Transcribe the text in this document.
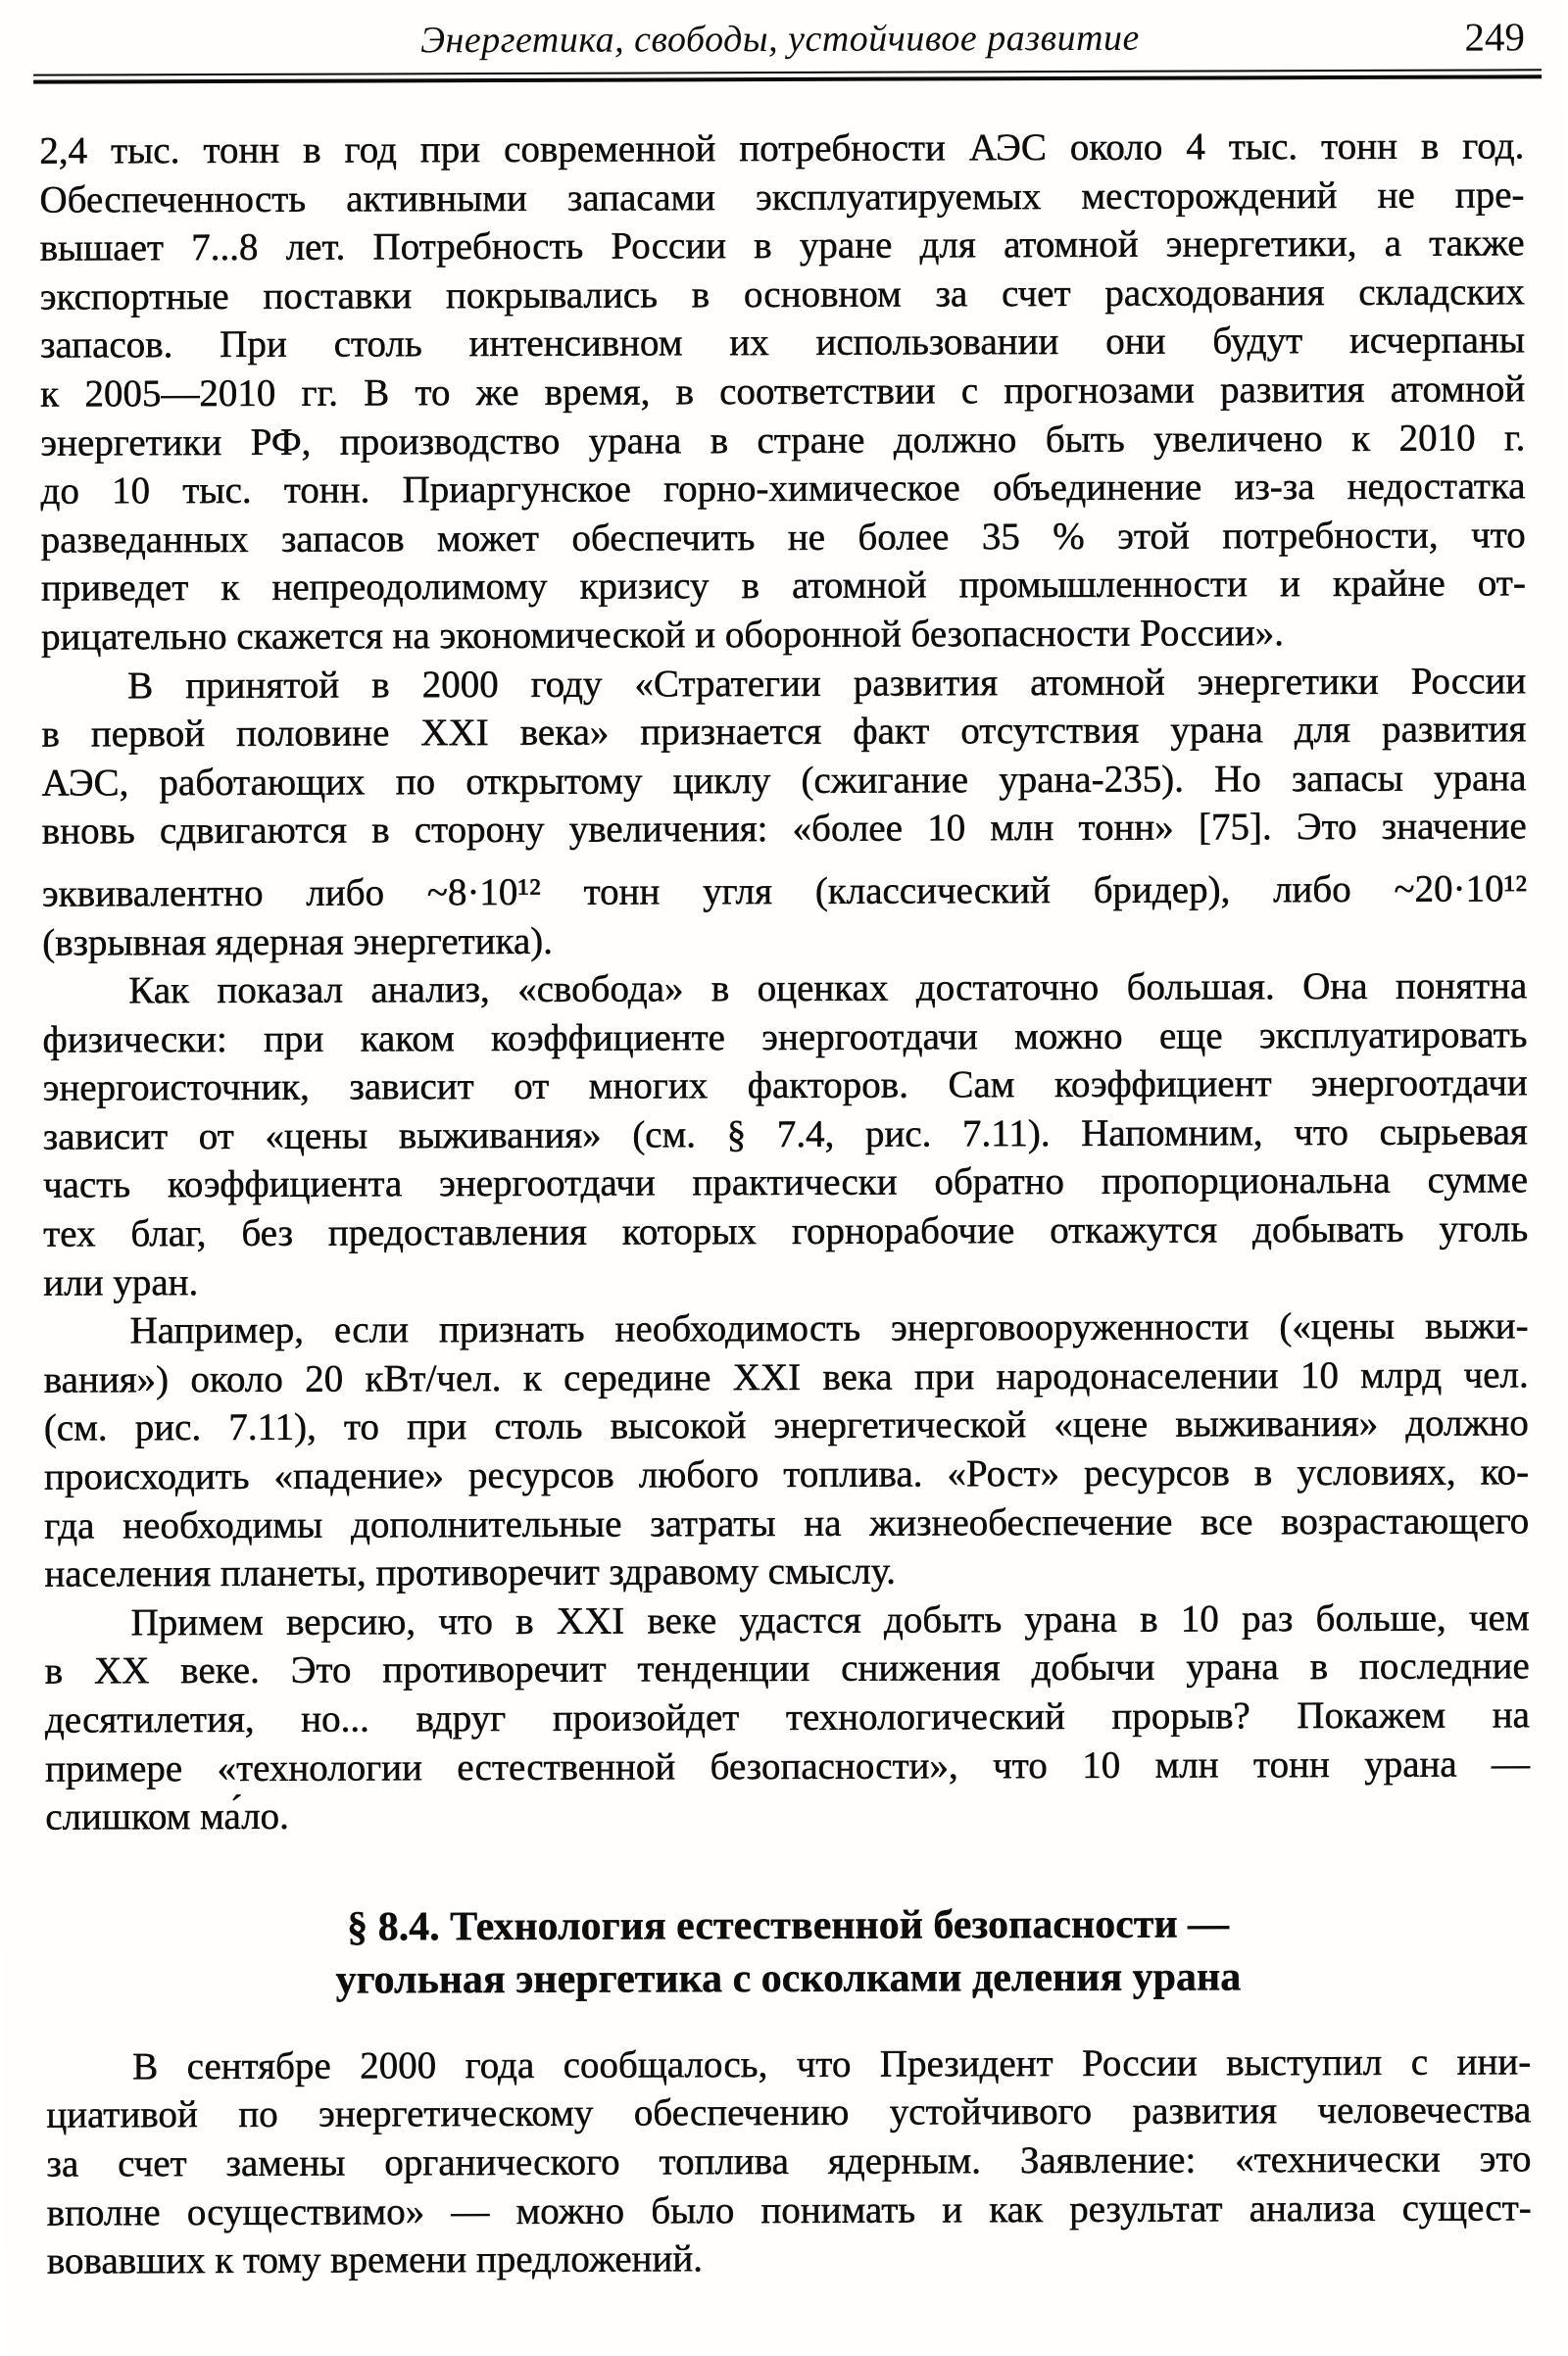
Энергетика, свободы, устойчивое развитие	249
2,4 тыс. тонн в год при современной потребности АЭС около 4 тыс. тонн в год.
Обеспеченность активными запасами эксплуатируемых месторождений не пре-
вышает 7...8 лет. Потребность России в уране для атомной энергетики, а также
экспортные поставки покрывались в основном за счет расходования складских
запасов. При столь интенсивном их использовании они будут исчерпаны
к 2005—2010 гг. В то же время, в соответствии с прогнозами развития атомной
энергетики РФ, производство урана в стране должно быть увеличено к 2010 г.
до 10 тыс. тонн. Приаргунское горно-химическое объединение из-за недостатка
разведанных запасов может обеспечить не более 35 % этой потребности, что
приведет к непреодолимому кризису в атомной промышленности и крайне от-
рицательно скажется на экономической и оборонной безопасности России».
В принятой в 2000 году «Стратегии развития атомной энергетики России
в первой половине XXI века» признается факт отсутствия урана для развития
АЭС, работающих по открытому циклу (сжигание урана-235). Но запасы урана
вновь сдвигаются в сторону увеличения: «более 10 млн тонн» [75]. Это значение
эквивалентно либо ~8·10¹² тонн угля (классический бридер), либо ~20·10¹²
(взрывная ядерная энергетика).
Как показал анализ, «свобода» в оценках достаточно большая. Она понятна
физически: при каком коэффициенте энергоотдачи можно еще эксплуатировать
энергоисточник, зависит от многих факторов. Сам коэффициент энергоотдачи
зависит от «цены выживания» (см. § 7.4, рис. 7.11). Напомним, что сырьевая
часть коэффициента энергоотдачи практически обратно пропорциональна сумме
тех благ, без предоставления которых горнорабочие откажутся добывать уголь
или уран.
Например, если признать необходимость энерговооруженности («цены выжи-
вания») около 20 кВт/чел. к середине XXI века при народонаселении 10 млрд чел.
(см. рис. 7.11), то при столь высокой энергетической «цене выживания» должно
происходить «падение» ресурсов любого топлива. «Рост» ресурсов в условиях, ко-
гда необходимы дополнительные затраты на жизнеобеспечение все возрастающего
населения планеты, противоречит здравому смыслу.
Примем версию, что в XXI веке удастся добыть урана в 10 раз больше, чем
в XX веке. Это противоречит тенденции снижения добычи урана в последние
десятилетия, но... вдруг произойдет технологический прорыв? Покажем на
примере «технологии естественной безопасности», что 10 млн тонн урана —
слишком ма́ло.
§ 8.4. Технология естественной безопасности —
угольная энергетика с осколками деления урана
В сентябре 2000 года сообщалось, что Президент России выступил с ини-
циативой по энергетическому обеспечению устойчивого развития человечества
за счет замены органического топлива ядерным. Заявление: «технически это
вполне осуществимо» — можно было понимать и как результат анализа сущест-
вовавших к тому времени предложений.
